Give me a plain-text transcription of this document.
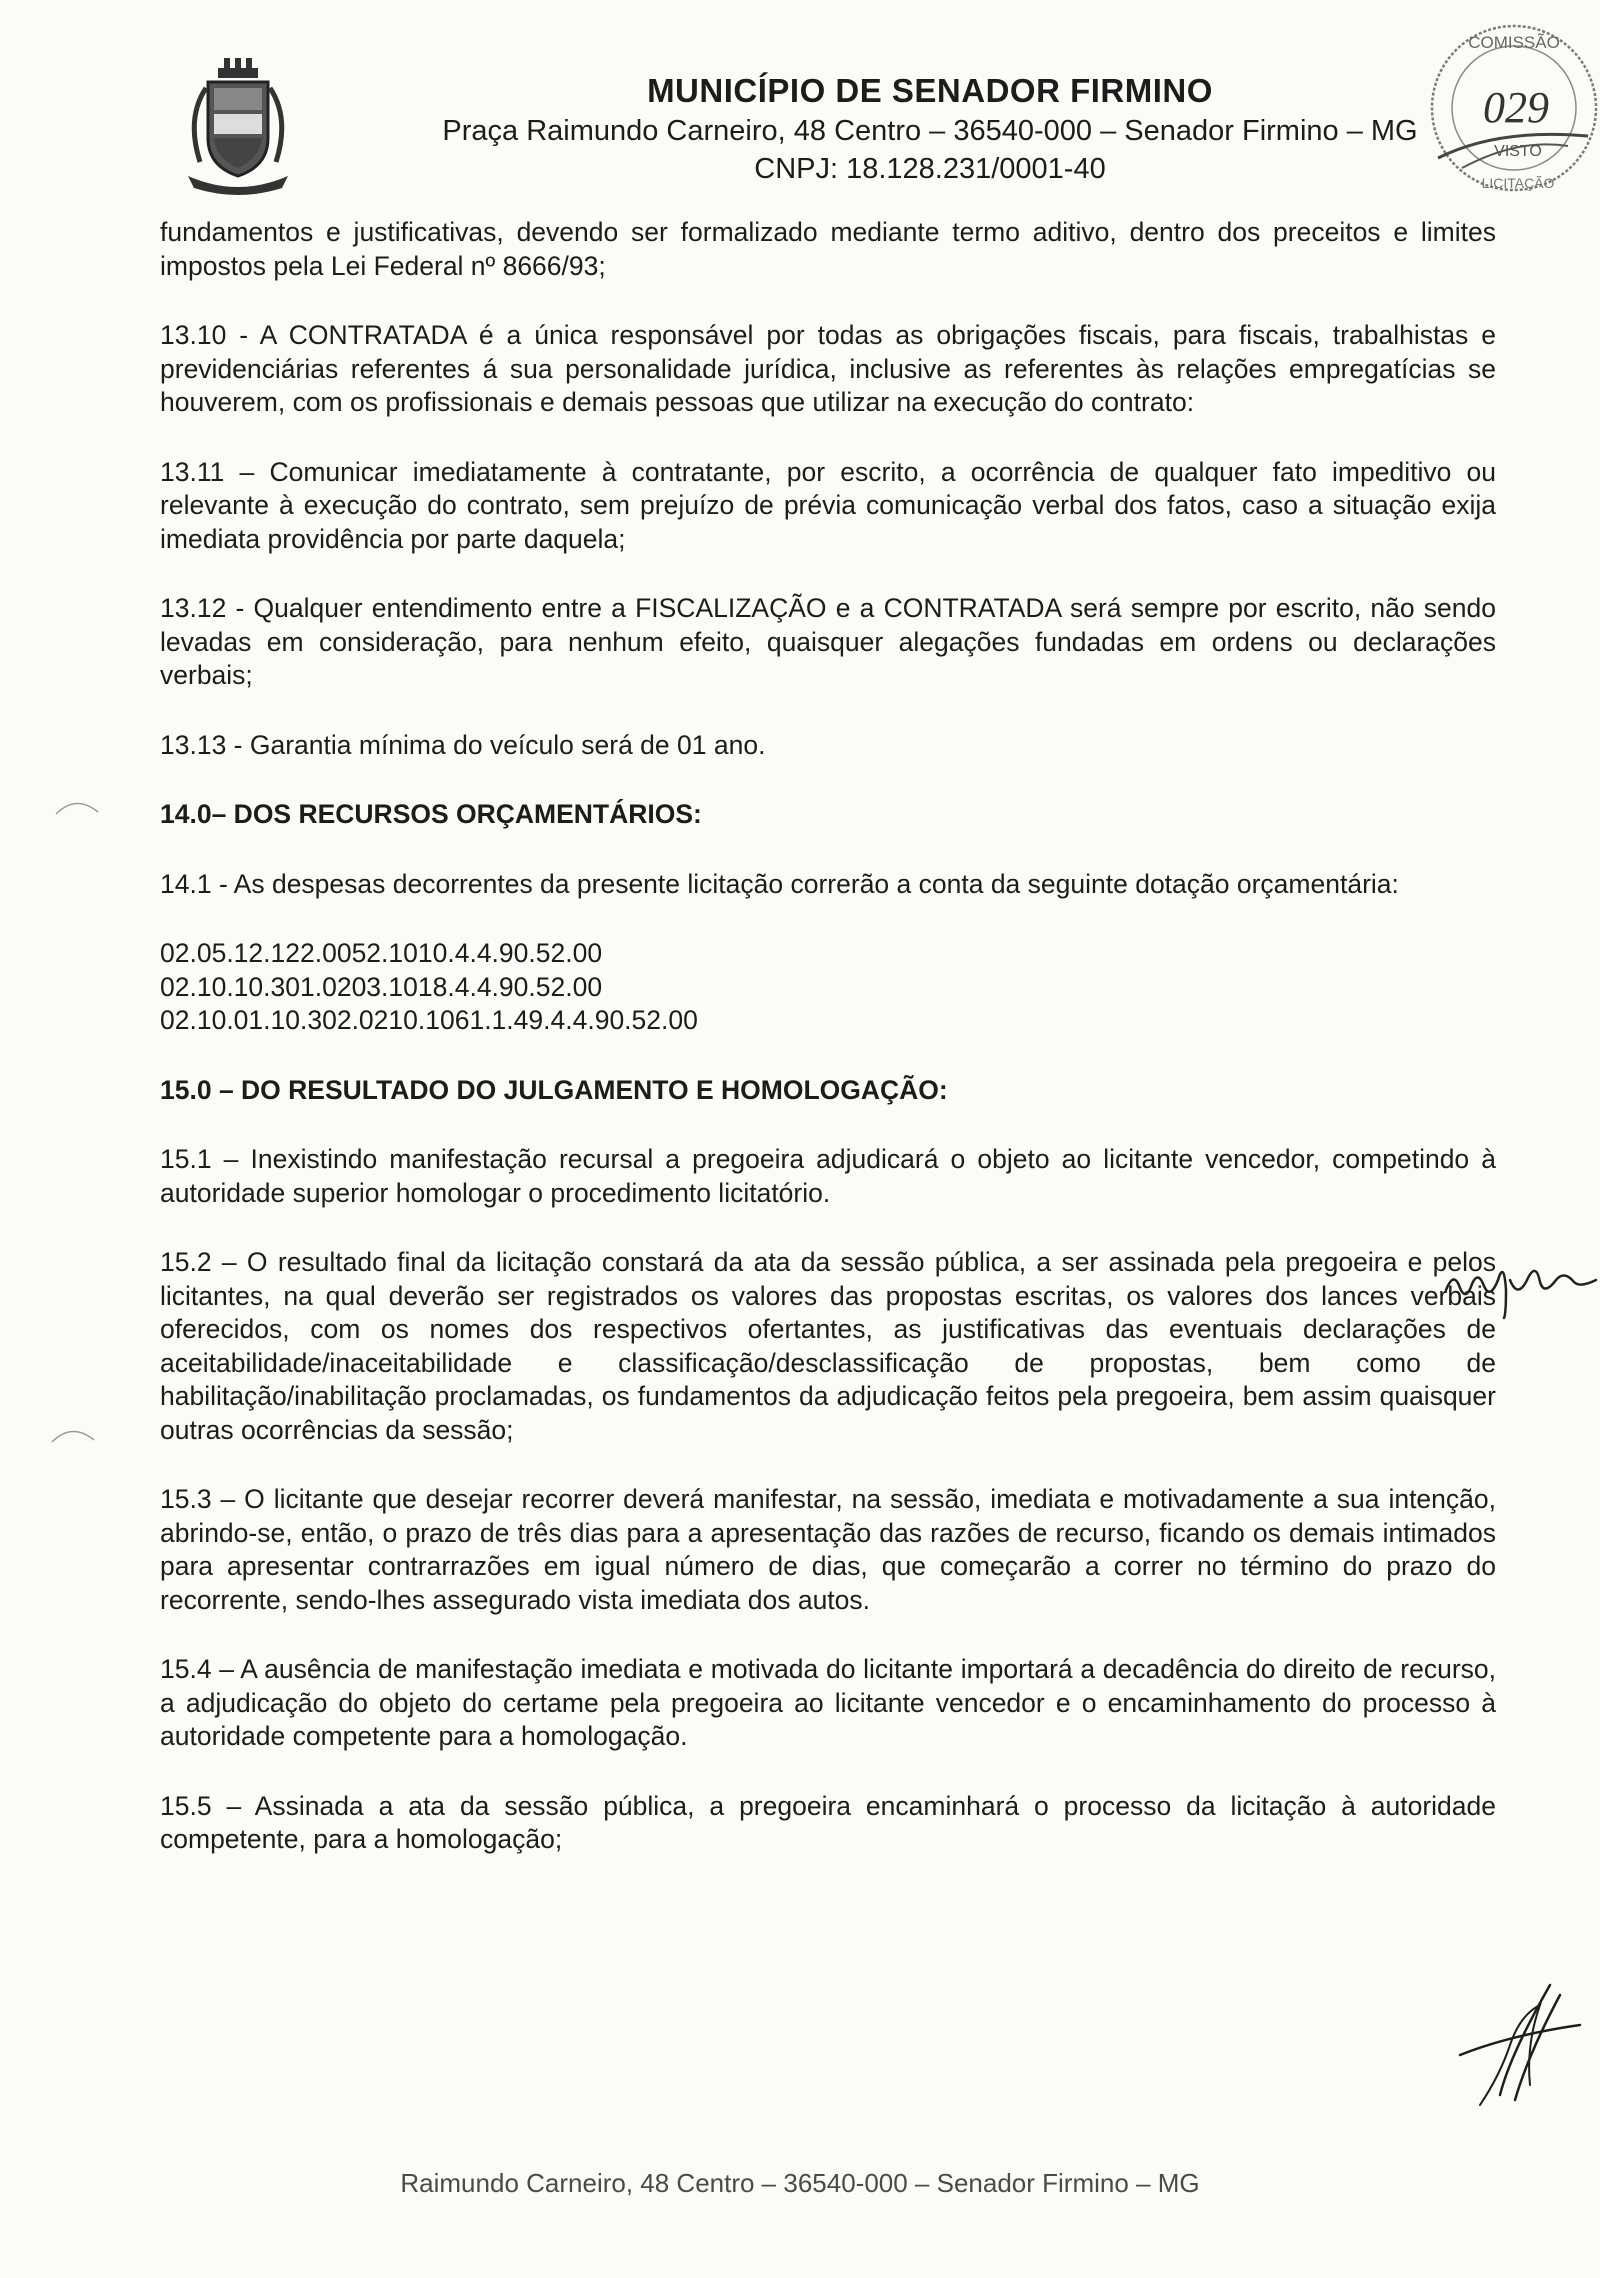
MUNICÍPIO DE SENADOR FIRMINO
Praça Raimundo Carneiro, 48 Centro – 36540-000 – Senador Firmino – MG
CNPJ: 18.128.231/0001-40
COMISSÃO
029
VISTO
LICITAÇÃO

fundamentos e justificativas, devendo ser formalizado mediante termo aditivo, dentro dos preceitos e limites impostos pela Lei Federal nº 8666/93;

13.10 - A CONTRATADA é a única responsável por todas as obrigações fiscais, para fiscais, trabalhistas e previdenciárias referentes á sua personalidade jurídica, inclusive as referentes às relações empregatícias se houverem, com os profissionais e demais pessoas que utilizar na execução do contrato:

13.11 – Comunicar imediatamente à contratante, por escrito, a ocorrência de qualquer fato impeditivo ou relevante à execução do contrato, sem prejuízo de prévia comunicação verbal dos fatos, caso a situação exija imediata providência por parte daquela;

13.12 - Qualquer entendimento entre a FISCALIZAÇÃO e a CONTRATADA será sempre por escrito, não sendo levadas em consideração, para nenhum efeito, quaisquer alegações fundadas em ordens ou declarações verbais;

13.13 - Garantia mínima do veículo será de 01 ano.

14.0– DOS RECURSOS ORÇAMENTÁRIOS:

14.1 - As despesas decorrentes da presente licitação correrão a conta da seguinte dotação orçamentária:

02.05.12.122.0052.1010.4.4.90.52.00

02.10.10.301.0203.1018.4.4.90.52.00

02.10.01.10.302.0210.1061.1.49.4.4.90.52.00

15.0 – DO RESULTADO DO JULGAMENTO E HOMOLOGAÇÃO:

15.1 – Inexistindo manifestação recursal a pregoeira adjudicará o objeto ao licitante vencedor, competindo à autoridade superior homologar o procedimento licitatório.

15.2 – O resultado final da licitação constará da ata da sessão pública, a ser assinada pela pregoeira e pelos licitantes, na qual deverão ser registrados os valores das propostas escritas, os valores dos lances verbais oferecidos, com os nomes dos respectivos ofertantes, as justificativas das eventuais declarações de aceitabilidade/inaceitabilidade e classificação/desclassificação de propostas, bem como de habilitação/inabilitação proclamadas, os fundamentos da adjudicação feitos pela pregoeira, bem assim quaisquer outras ocorrências da sessão;

15.3 – O licitante que desejar recorrer deverá manifestar, na sessão, imediata e motivadamente a sua intenção, abrindo-se, então, o prazo de três dias para a apresentação das razões de recurso, ficando os demais intimados para apresentar contrarrazões em igual número de dias, que começarão a correr no término do prazo do recorrente, sendo-lhes assegurado vista imediata dos autos.

15.4 – A ausência de manifestação imediata e motivada do licitante importará a decadência do direito de recurso, a adjudicação do objeto do certame pela pregoeira ao licitante vencedor e o encaminhamento do processo à autoridade competente para a homologação.

15.5 – Assinada a ata da sessão pública, a pregoeira encaminhará o processo da licitação à autoridade competente, para a homologação;

Raimundo Carneiro, 48 Centro – 36540-000 – Senador Firmino – MG
